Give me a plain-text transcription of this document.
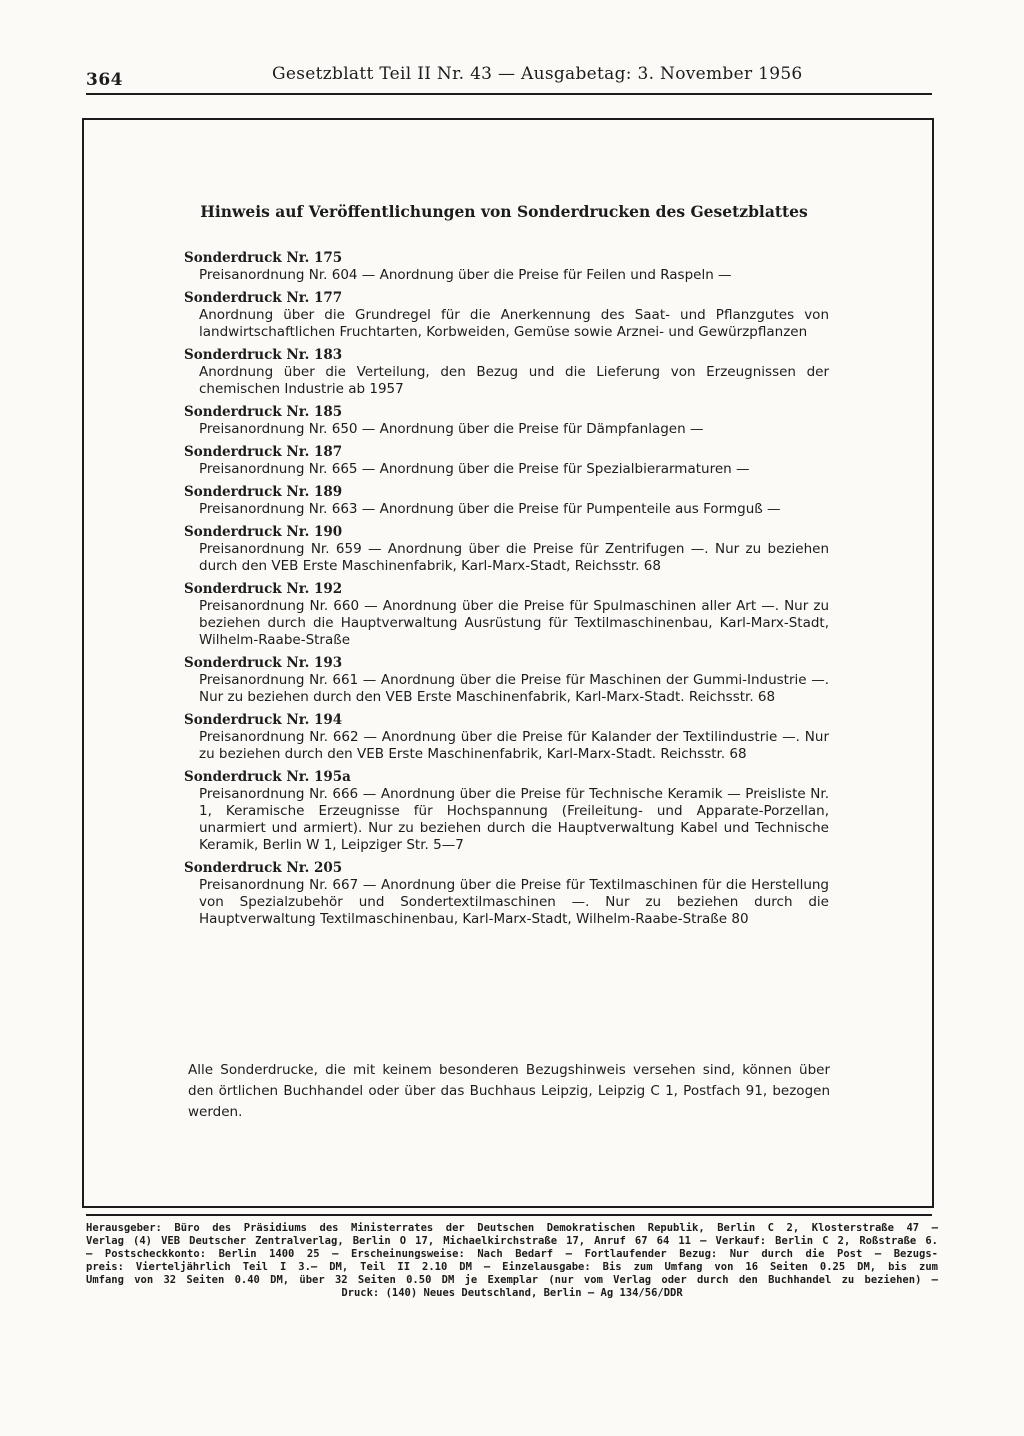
364	Gesetzblatt Teil II Nr. 43 — Ausgabetag: 3. November 1956
Hinweis auf Veröffentlichungen von Sonderdrucken des Gesetzblattes

Sonderdruck Nr. 175

Preisanordnung Nr. 604 — Anordnung über die Preise für Feilen und Raspeln —

Sonderdruck Nr. 177

Anordnung über die Grundregel für die Anerkennung des Saat- und Pflanzgutes von landwirtschaftlichen Fruchtarten, Korbweiden, Gemüse sowie Arznei- und Gewürzpflanzen

Sonderdruck Nr. 183

Anordnung über die Verteilung, den Bezug und die Lieferung von Erzeugnissen der chemischen Industrie ab 1957

Sonderdruck Nr. 185

Preisanordnung Nr. 650 — Anordnung über die Preise für Dämpfanlagen —

Sonderdruck Nr. 187

Preisanordnung Nr. 665 — Anordnung über die Preise für Spezialbierarmaturen —

Sonderdruck Nr. 189

Preisanordnung Nr. 663 — Anordnung über die Preise für Pumpenteile aus Formguß —

Sonderdruck Nr. 190

Preisanordnung Nr. 659 — Anordnung über die Preise für Zentrifugen —. Nur zu beziehen durch den VEB Erste Maschinenfabrik, Karl-Marx-Stadt, Reichsstr. 68

Sonderdruck Nr. 192

Preisanordnung Nr. 660 — Anordnung über die Preise für Spulmaschinen aller Art —. Nur zu beziehen durch die Hauptverwaltung Ausrüstung für Textilmaschinenbau, Karl-Marx-Stadt, Wilhelm-Raabe-Straße

Sonderdruck Nr. 193

Preisanordnung Nr. 661 — Anordnung über die Preise für Maschinen der Gummi-Industrie —. Nur zu beziehen durch den VEB Erste Maschinenfabrik, Karl-Marx-Stadt. Reichsstr. 68

Sonderdruck Nr. 194

Preisanordnung Nr. 662 — Anordnung über die Preise für Kalander der Textilindustrie —. Nur zu beziehen durch den VEB Erste Maschinenfabrik, Karl-Marx-Stadt. Reichsstr. 68

Sonderdruck Nr. 195a

Preisanordnung Nr. 666 — Anordnung über die Preise für Technische Keramik — Preisliste Nr. 1, Keramische Erzeugnisse für Hochspannung (Freileitung- und Apparate-Porzellan, unarmiert und armiert). Nur zu beziehen durch die Hauptverwaltung Kabel und Technische Keramik, Berlin W 1, Leipziger Str. 5—7

Sonderdruck Nr. 205

Preisanordnung Nr. 667 — Anordnung über die Preise für Textilmaschinen für die Herstellung von Spezialzubehör und Sondertextilmaschinen —. Nur zu beziehen durch die Hauptverwaltung Textilmaschinenbau, Karl-Marx-Stadt, Wilhelm-Raabe-Straße 80

Alle Sonderdrucke, die mit keinem besonderen Bezugshinweis versehen sind, können über den örtlichen Buchhandel oder über das Buchhaus Leipzig, Leipzig C 1, Postfach 91, bezogen werden.
Herausgeber: Büro des Präsidiums des Ministerrates der Deutschen Demokratischen Republik, Berlin C 2, Klosterstraße 47 —
Verlag (4) VEB Deutscher Zentralverlag, Berlin O 17, Michaelkirchstraße 17, Anruf 67 64 11 — Verkauf: Berlin C 2, Roßstraße 6.
— Postscheckkonto: Berlin 1400 25 — Erscheinungsweise: Nach Bedarf — Fortlaufender Bezug: Nur durch die Post — Bezugs-
preis: Vierteljährlich Teil I 3.— DM, Teil II 2.10 DM — Einzelausgabe: Bis zum Umfang von 16 Seiten 0.25 DM, bis zum
Umfang von 32 Seiten 0.40 DM, über 32 Seiten 0.50 DM je Exemplar (nur vom Verlag oder durch den Buchhandel zu beziehen) —
Druck: (140) Neues Deutschland, Berlin — Ag 134/56/DDR
